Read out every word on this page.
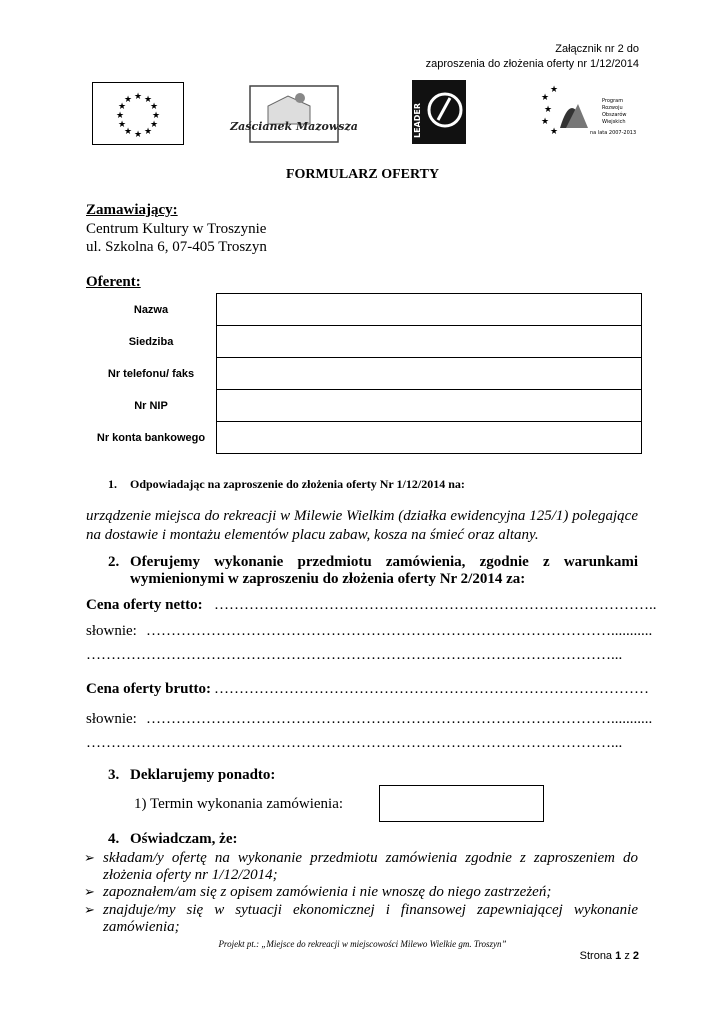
Załącznik nr 2 do
zaproszenia do złożenia oferty nr 1/12/2014
★ ★
★
★
★
★
★
★
★
★
★
★
Zaścianek Mazowsza	LEADER
★
★
★
★
★
Program
Rozwoju
Obszarów
Wiejskich
na lata 2007-2013
FORMULARZ OFERTY
Zamawiający:
Centrum Kultury w Troszynie
ul. Szkolna 6, 07-405 Troszyn
Oferent:
Nazwa	
Siedziba	
Nr telefonu/ faks	
Nr NIP	
Nr konta bankowego	
1. Odpowiadając na zaproszenie do złożenia oferty Nr 1/12/2014 na:
urządzenie miejsca do rekreacji w Milewie Wielkim (działka ewidencyjna 125/1) polegające
na dostawie i montażu elementów placu zabaw, kosza na śmieć oraz altany.
2. Oferujemy wykonanie przedmiotu zamówienia, zgodnie z warunkami
wymienionymi w zaproszeniu do złożenia oferty Nr 2/2014 za:
Cena oferty netto: ……………………………………………………………………………..
słownie: …………………………………………………………………………………...........
……………………………………………………………………………………………...
Cena oferty brutto: ……………………………………………………………………………
słownie: …………………………………………………………………………………...........
……………………………………………………………………………………………...
3. Deklarujemy ponadto:
1) Termin wykonania zamówienia:
4. Oświadczam, że:
➢ składam/y ofertę na wykonanie przedmiotu zamówienia zgodnie z zaproszeniem do
złożenia oferty nr 1/12/2014;
➢ zapoznałem/am się z opisem zamówienia i nie wnoszę do niego zastrzeżeń;
➢ znajduje/my się w sytuacji ekonomicznej i finansowej zapewniającej wykonanie
zamówienia;
Projekt pt.: „Miejsce do rekreacji w miejscowości Milewo Wielkie gm. Troszyn”
Strona 1 z 2
